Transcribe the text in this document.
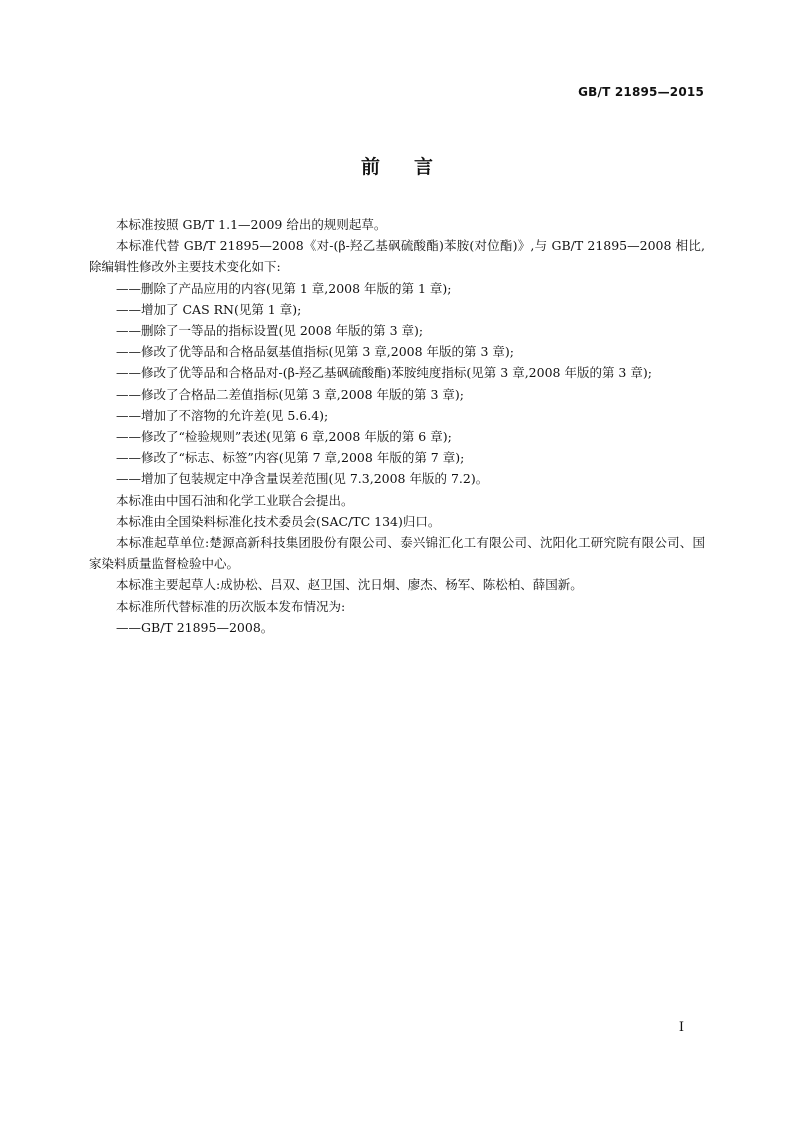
GB/T 21895—2015
前言

本标准按照 GB/T 1.1—2009 给出的规则起草。

本标准代替 GB/T 21895—2008《对-(β-羟乙基砜硫酸酯)苯胺(对位酯)》,与 GB/T 21895—2008 相比,除编辑性修改外主要技术变化如下:

——删除了产品应用的内容(见第 1 章,2008 年版的第 1 章);

——增加了 CAS RN(见第 1 章);

——删除了一等品的指标设置(见 2008 年版的第 3 章);

——修改了优等品和合格品氨基值指标(见第 3 章,2008 年版的第 3 章);

——修改了优等品和合格品对-(β-羟乙基砜硫酸酯)苯胺纯度指标(见第 3 章,2008 年版的第 3 章);

——修改了合格品二差值指标(见第 3 章,2008 年版的第 3 章);

——增加了不溶物的允许差(见 5.6.4);

——修改了“检验规则”表述(见第 6 章,2008 年版的第 6 章);

——修改了“标志、标签”内容(见第 7 章,2008 年版的第 7 章);

——增加了包装规定中净含量误差范围(见 7.3,2008 年版的 7.2)。

本标准由中国石油和化学工业联合会提出。

本标准由全国染料标准化技术委员会(SAC/TC 134)归口。

本标准起草单位:楚源高新科技集团股份有限公司、泰兴锦汇化工有限公司、沈阳化工研究院有限公司、国家染料质量监督检验中心。

本标准主要起草人:成协松、吕双、赵卫国、沈日炯、廖杰、杨军、陈松柏、薛国新。

本标准所代替标准的历次版本发布情况为:

——GB/T 21895—2008。

I
